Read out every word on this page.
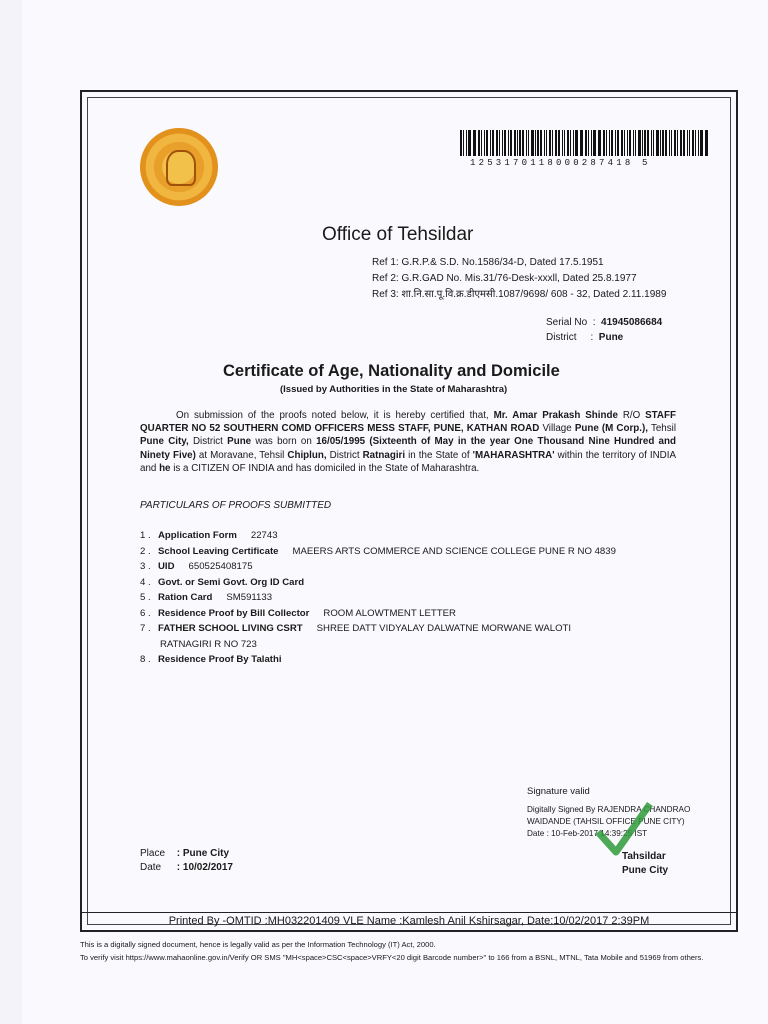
1253170118000287418 5
Office of Tehsildar
Ref 1: G.R.P.& S.D. No.1586/34-D, Dated 17.5.1951
Ref 2: G.R.GAD No. Mis.31/76-Desk-xxxll, Dated 25.8.1977
Ref 3: शा.नि.सा.पू.वि.क्र.डीएमसी.1087/9698/ 608 - 32, Dated 2.11.1989
Serial No  :  41945086684
District     :  Pune
Certificate of Age, Nationality and Domicile
(Issued by Authorities in the State of Maharashtra)
On submission of the proofs noted below, it is hereby certified that, Mr. Amar Prakash Shinde R/O STAFF QUARTER NO 52 SOUTHERN COMD OFFICERS MESS STAFF, PUNE, KATHAN ROAD Village Pune (M Corp.), Tehsil Pune City, District Pune was born on 16/05/1995 (Sixteenth of May in the year One Thousand Nine Hundred and Ninety Five) at Moravane, Tehsil Chiplun, District Ratnagiri in the State of 'MAHARASHTRA' within the territory of INDIA and he is a CITIZEN OF INDIA and has domiciled in the State of Maharashtra.
PARTICULARS OF PROOFS SUBMITTED
1 . Application Form 22743
2 . School Leaving Certificate MAEERS ARTS COMMERCE AND SCIENCE COLLEGE PUNE R NO 4839
3 . UID 650525408175
4 . Govt. or Semi Govt. Org ID Card
5 . Ration Card SM591133
6 . Residence Proof by Bill Collector ROOM ALOWTMENT LETTER
7 . FATHER SCHOOL LIVING CSRT SHREE DATT VIDYALAY DALWATNE MORWANE WALOTI
RATNAGIRI R NO 723
8 . Residence Proof By Talathi
Signature valid
Digitally Signed By RAJENDRA CHANDRAO
WAIDANDE (TAHSIL OFFICE PUNE CITY)
Date : 10-Feb-2017 14:39:25 IST
Tahsildar
Pune City
Place : Pune City
Date : 10/02/2017
Printed By -OMTID :MH032201409 VLE Name :Kamlesh Anil Kshirsagar, Date:10/02/2017 2:39PM
This is a digitally signed document, hence is legally valid as per the Information Technology (IT) Act, 2000.
To verify visit https://www.mahaonline.gov.in/Verify OR SMS "MH<space>CSC<space>VRFY<20 digit Barcode number>" to 166 from a BSNL, MTNL, Tata Mobile and 51969 from others.
